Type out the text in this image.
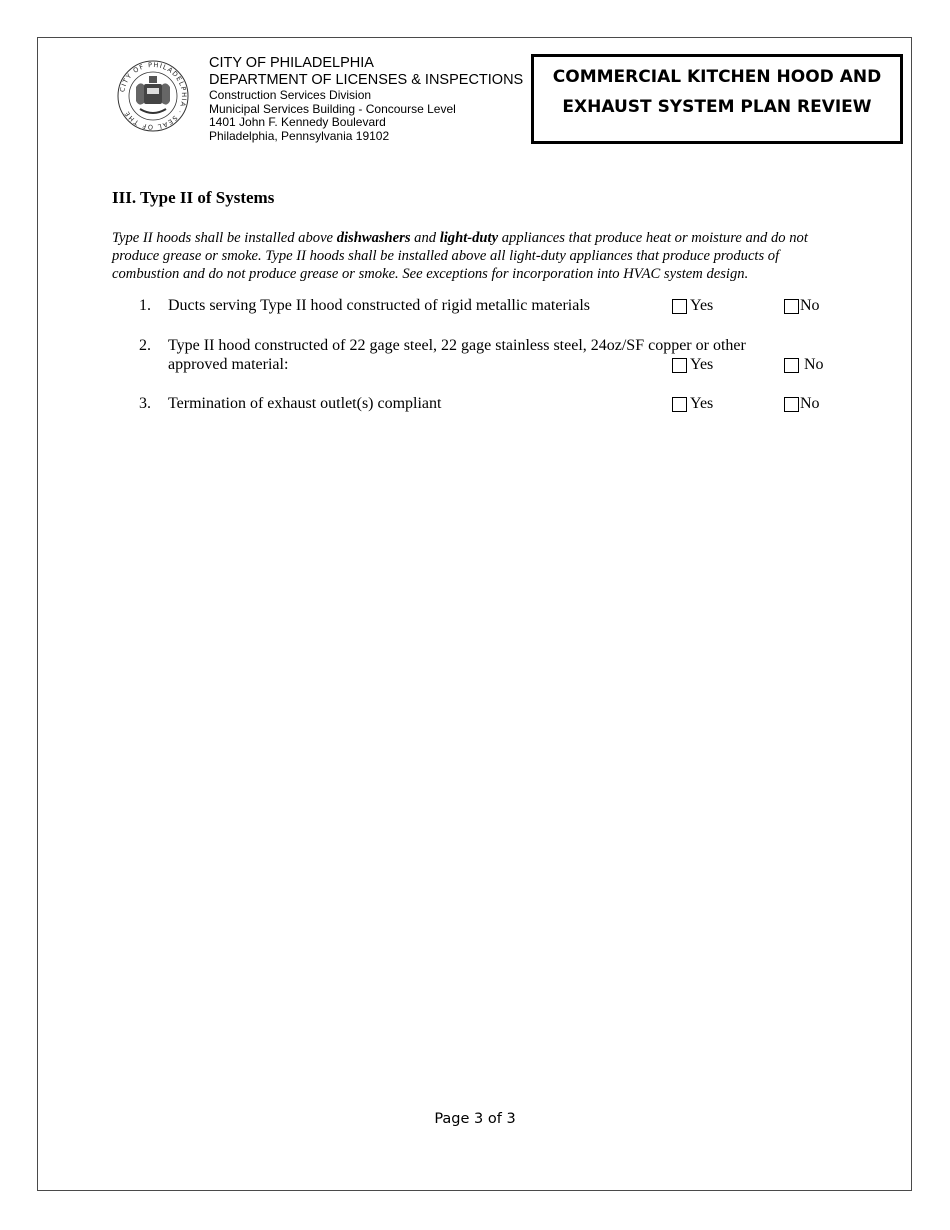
CITY OF PHILADELPHIA · SEAL OF THE
CITY OF PHILADELPHIA
DEPARTMENT OF LICENSES & INSPECTIONS
Construction Services Division
Municipal Services Building - Concourse Level
1401 John F. Kennedy Boulevard
Philadelphia, Pennsylvania 19102
COMMERCIAL KITCHEN HOOD AND
EXHAUST SYSTEM PLAN REVIEW
III. Type II of Systems
Type II hoods shall be installed above dishwashers and light-duty appliances that produce heat or moisture and do not produce grease or smoke. Type II hoods shall be installed above all light-duty appliances that produce products of combustion and do not produce grease or smoke. See exceptions for incorporation into HVAC system design.
1. Ducts serving Type II hood constructed of rigid metallic materials	Yes	No
2. Type II hood constructed of 22 gage steel, 22 gage stainless steel, 24oz/SF copper or other
approved material:	Yes	No
3. Termination of exhaust outlet(s) compliant	Yes	No
Page 3 of 3
